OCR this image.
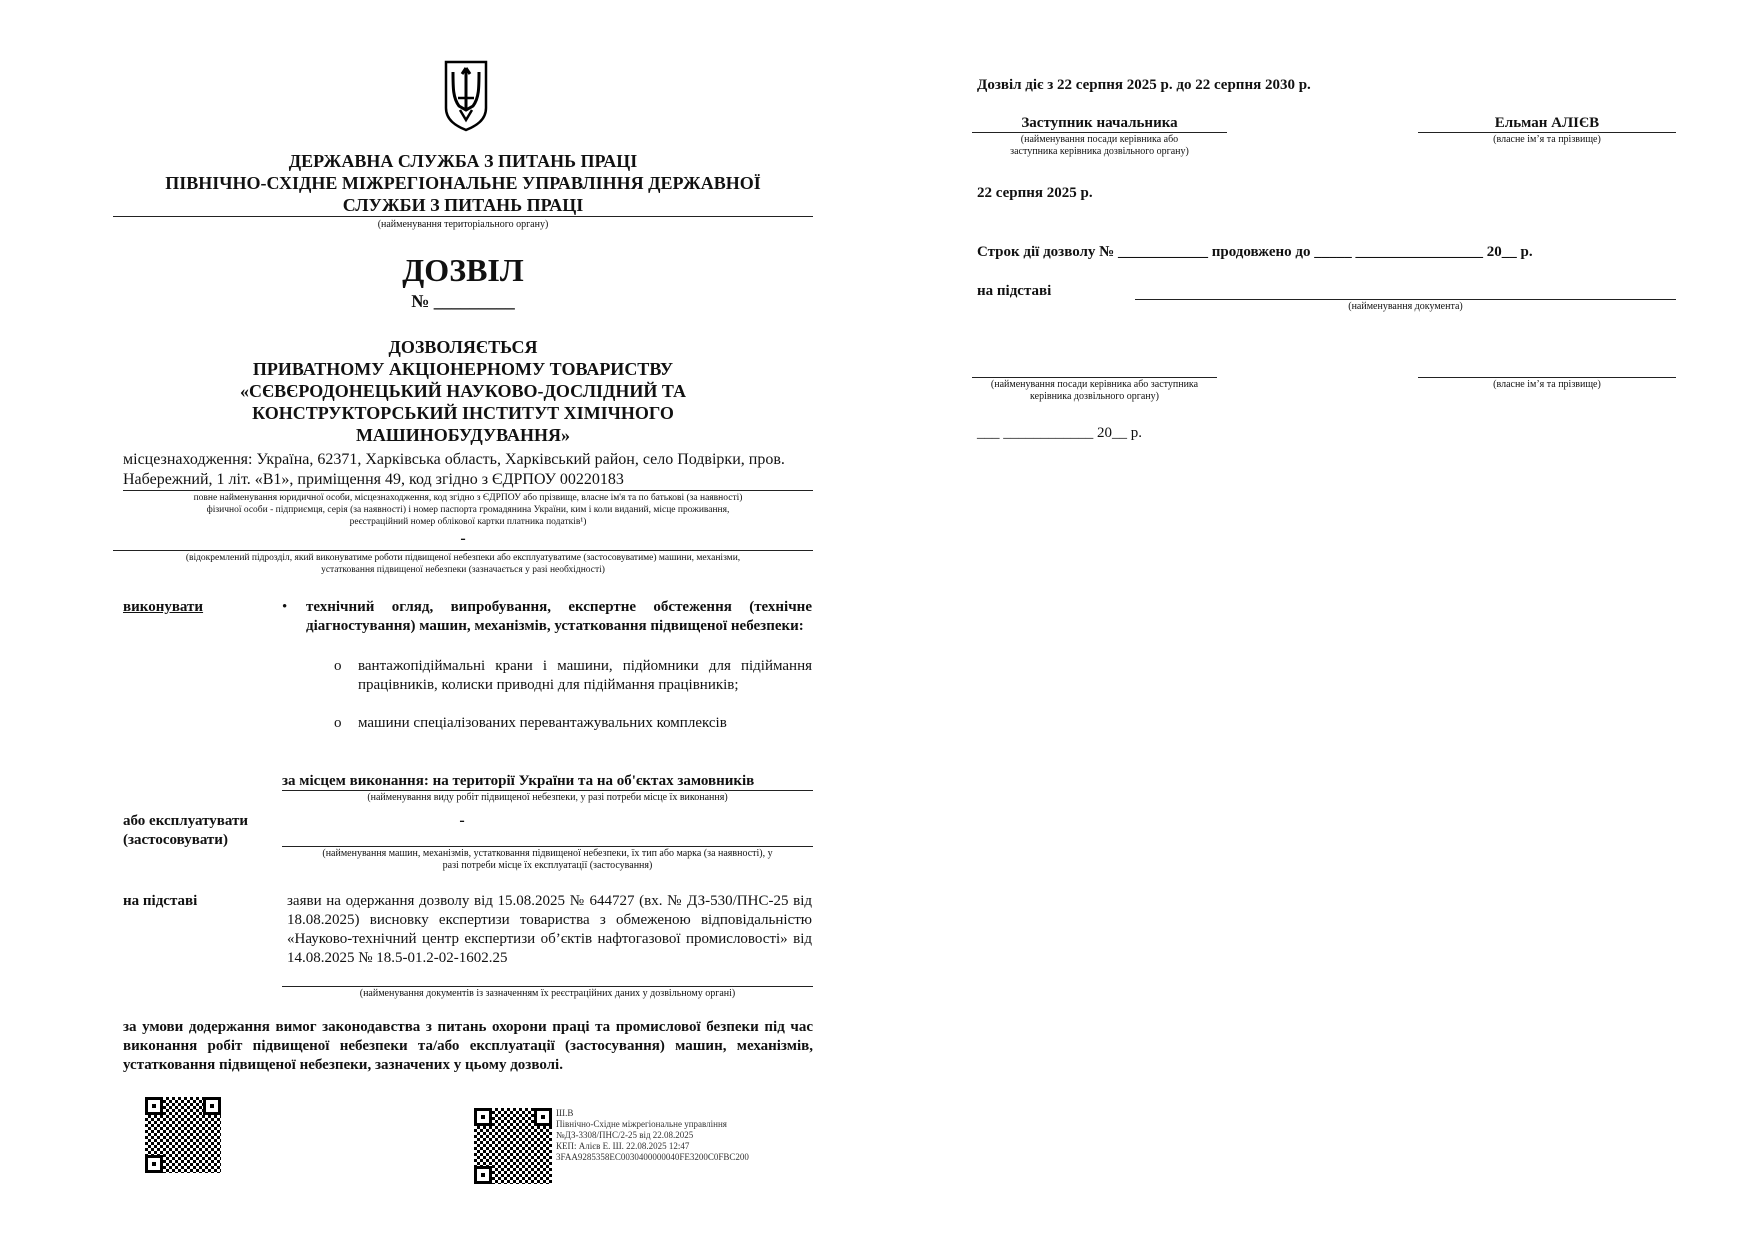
ДЕРЖАВНА СЛУЖБА З ПИТАНЬ ПРАЦІ
ПІВНІЧНО-СХІДНЕ МІЖРЕГІОНАЛЬНЕ УПРАВЛІННЯ ДЕРЖАВНОЇ
СЛУЖБИ З ПИТАНЬ ПРАЦІ
(найменування територіального органу)
ДОЗВІЛ
№ _________
ДОЗВОЛЯЄТЬСЯ
ПРИВАТНОМУ АКЦІОНЕРНОМУ ТОВАРИСТВУ
«СЄВЄРОДОНЕЦЬКИЙ НАУКОВО-ДОСЛІДНИЙ ТА
КОНСТРУКТОРСЬКИЙ ІНСТИТУТ ХІМІЧНОГО
МАШИНОБУДУВАННЯ»
місцезнаходження: Україна, 62371, Харківська область, Харківський район, село Подвірки, пров.
Набережний, 1 літ. «В1», приміщення 49, код згідно з ЄДРПОУ 00220183
повне найменування юридичної особи, місцезнаходження, код згідно з ЄДРПОУ або прізвище, власне ім'я та по батькові (за наявності)
фізичної особи - підприємця, серія (за наявності) і номер паспорта громадянина України, ким і коли виданий, місце проживання,
реєстраційний номер облікової картки платника податків¹)
-
(відокремлений підрозділ, який виконуватиме роботи підвищеної небезпеки або експлуатуватиме (застосовуватиме) машини, механізми,
устатковання підвищеної небезпеки (зазначається у разі необхідності)
виконувати	• технічний огляд, випробування, експертне обстеження (технічне діагностування) машин, механізмів, устатковання підвищеної небезпеки:
o вантажопідіймальні крани і машини, підйомники для підіймання працівників, колиски приводні для підіймання працівників;
o машини спеціалізованих перевантажувальних комплексів
за місцем виконання: на території України та на об'єктах замовників
(найменування виду робіт підвищеної небезпеки, у разі потреби місце їх виконання)
або експлуатувати
(застосовувати)
-
(найменування машин, механізмів, устатковання підвищеної небезпеки, їх тип або марка (за наявності), у
разі потреби місце їх експлуатації (застосування)
на підставі	заяви на одержання дозволу від 15.08.2025 № 644727 (вх. № ДЗ-530/ПНС-25 від 18.08.2025) висновку експертизи товариства з обмеженою відповідальністю «Науково-технічний центр експертизи об’єктів нафтогазової промисловості» від 14.08.2025 № 18.5-01.2-02-1602.25
(найменування документів із зазначенням їх реєстраційних даних у дозвільному органі)
за умови додержання вимог законодавства з питань охорони праці та промислової безпеки під час виконання робіт підвищеної небезпеки та/або експлуатації (застосування) машин, механізмів, устатковання підвищеної небезпеки, зазначених у цьому дозволі.
Ш.В
Північно-Східне міжрегіональне управління
№ДЗ-3308/ПНС/2-25 від 22.08.2025
КЕП: Алієв Е. Ш. 22.08.2025 12:47
3FAA9285358EC0030400000040FE3200C0FBC200
Дозвіл діє з 22 серпня 2025 р. до 22 серпня 2030 р.
Заступник начальника
(найменування посади керівника або
заступника керівника дозвільного органу)
Ельман АЛІЄВ
(власне ім’я та прізвище)
22 серпня 2025 р.
Строк дії дозволу № ____________ продовжено до _____ _________________ 20__ р.
на підставі
(найменування документа)
(найменування посади керівника або заступника
керівника дозвільного органу)
(власне ім’я та прізвище)
___ ____________ 20__ р.
